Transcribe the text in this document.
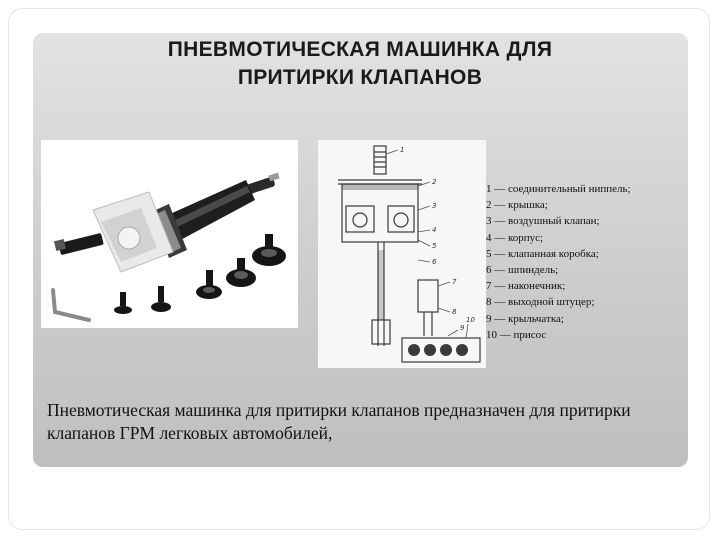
ПНЕВМОТИЧЕСКАЯ МАШИНКА ДЛЯ
ПРИТИРКИ КЛАПАНОВ
1
2
3
4
5
6
7
8
9
10
1 — соединительный ниппель;
2 — крышка;
3 — воздушный клапан;
4 — корпус;
5 — клапанная коробка;
6 — шпиндель;
7 — наконечник;
8 — выходной штуцер;
9 — крыльчатка;
10 — присос
Пневмотическая машинка для притирки клапанов предназначен для притирки клапанов ГРМ легковых автомобилей,
